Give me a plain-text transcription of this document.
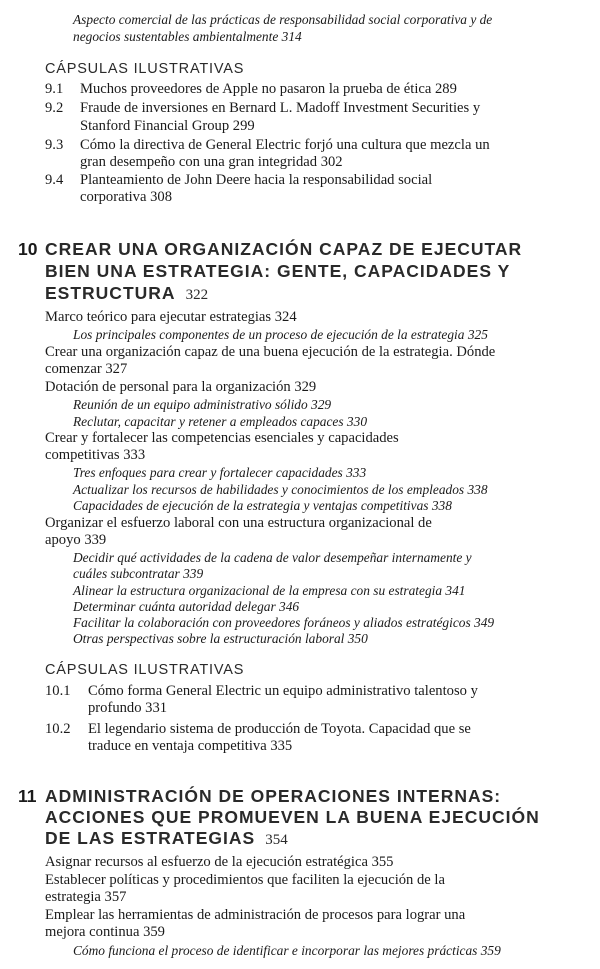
Aspecto comercial de las prácticas de responsabilidad social corporativa y de
negocios sustentables ambientalmente 314
CÁPSULAS ILUSTRATIVAS
9.1 Muchos proveedores de Apple no pasaron la prueba de ética 289
9.2 Fraude de inversiones en Bernard L. Madoff Investment Securities y
Stanford Financial Group 299
9.3 Cómo la directiva de General Electric forjó una cultura que mezcla un
gran desempeño con una gran integridad 302
9.4 Planteamiento de John Deere hacia la responsabilidad social
corporativa 308
10 CREAR UNA ORGANIZACIÓN CAPAZ DE EJECUTAR
BIEN UNA ESTRATEGIA: GENTE, CAPACIDADES Y
ESTRUCTURA 322
Marco teórico para ejecutar estrategias 324
Los principales componentes de un proceso de ejecución de la estrategia 325
Crear una organización capaz de una buena ejecución de la estrategia. Dónde
comenzar 327
Dotación de personal para la organización 329
Reunión de un equipo administrativo sólido 329
Reclutar, capacitar y retener a empleados capaces 330
Crear y fortalecer las competencias esenciales y capacidades
competitivas 333
Tres enfoques para crear y fortalecer capacidades 333
Actualizar los recursos de habilidades y conocimientos de los empleados 338
Capacidades de ejecución de la estrategia y ventajas competitivas 338
Organizar el esfuerzo laboral con una estructura organizacional de
apoyo 339
Decidir qué actividades de la cadena de valor desempeñar internamente y
cuáles subcontratar 339
Alinear la estructura organizacional de la empresa con su estrategia 341
Determinar cuánta autoridad delegar 346
Facilitar la colaboración con proveedores foráneos y aliados estratégicos 349
Otras perspectivas sobre la estructuración laboral 350
CÁPSULAS ILUSTRATIVAS
10.1 Cómo forma General Electric un equipo administrativo talentoso y
profundo 331
10.2 El legendario sistema de producción de Toyota. Capacidad que se
traduce en ventaja competitiva 335
11 ADMINISTRACIÓN DE OPERACIONES INTERNAS:
ACCIONES QUE PROMUEVEN LA BUENA EJECUCIÓN
DE LAS ESTRATEGIAS 354
Asignar recursos al esfuerzo de la ejecución estratégica 355
Establecer políticas y procedimientos que faciliten la ejecución de la
estrategia 357
Emplear las herramientas de administración de procesos para lograr una
mejora continua 359
Cómo funciona el proceso de identificar e incorporar las mejores prácticas 359
